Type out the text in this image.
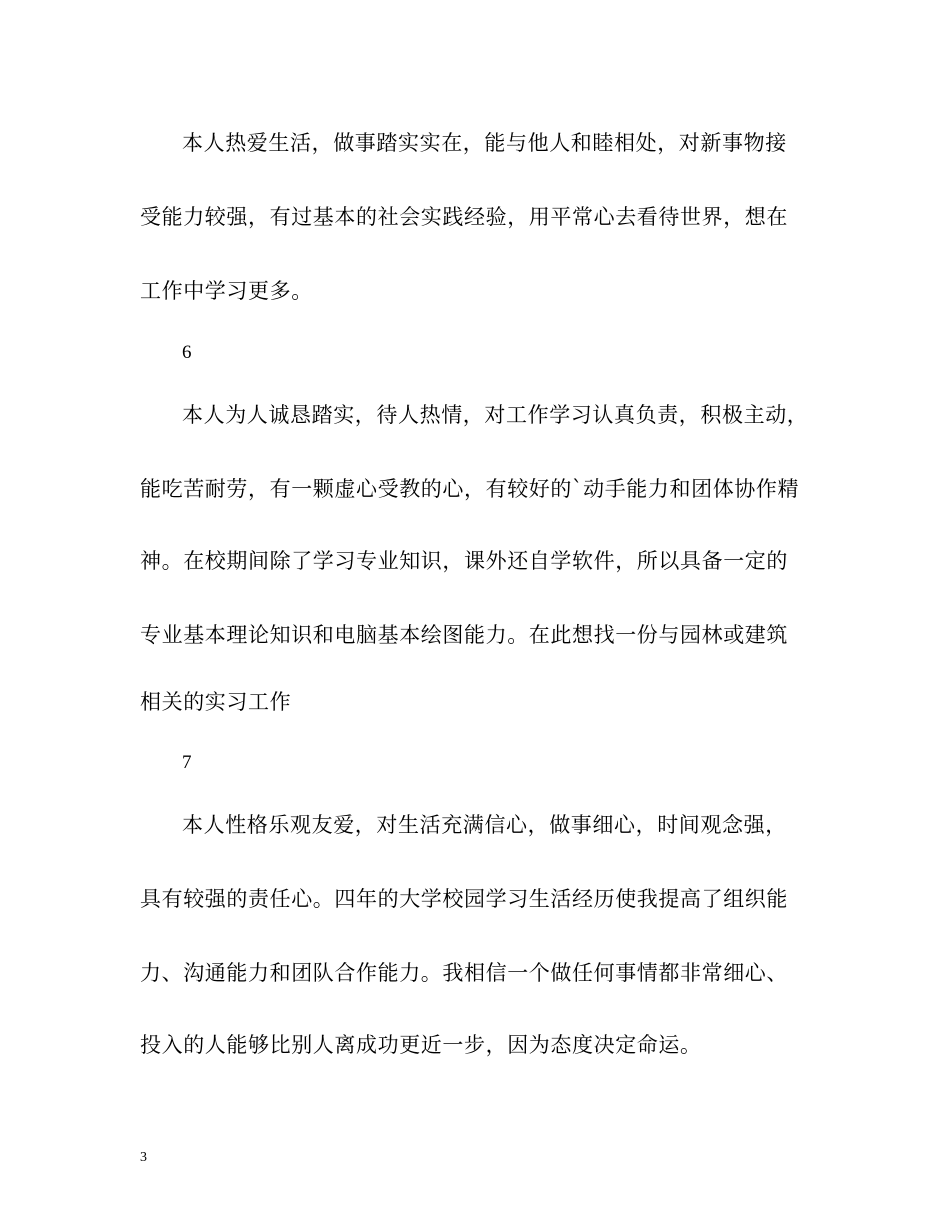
本人热爱生活，做事踏实实在，能与他人和睦相处，对新事物接
受能力较强，有过基本的社会实践经验，用平常心去看待世界，想在
工作中学习更多。
6
本人为人诚恳踏实，待人热情，对工作学习认真负责，积极主动，
能吃苦耐劳，有一颗虚心受教的心，有较好的`动手能力和团体协作精
神。在校期间除了学习专业知识，课外还自学软件，所以具备一定的
专业基本理论知识和电脑基本绘图能力。在此想找一份与园林或建筑
相关的实习工作
7
本人性格乐观友爱，对生活充满信心，做事细心，时间观念强，
具有较强的责任心。四年的大学校园学习生活经历使我提高了组织能
力、沟通能力和团队合作能力。我相信一个做任何事情都非常细心、
投入的人能够比别人离成功更近一步，因为态度决定命运。
3
